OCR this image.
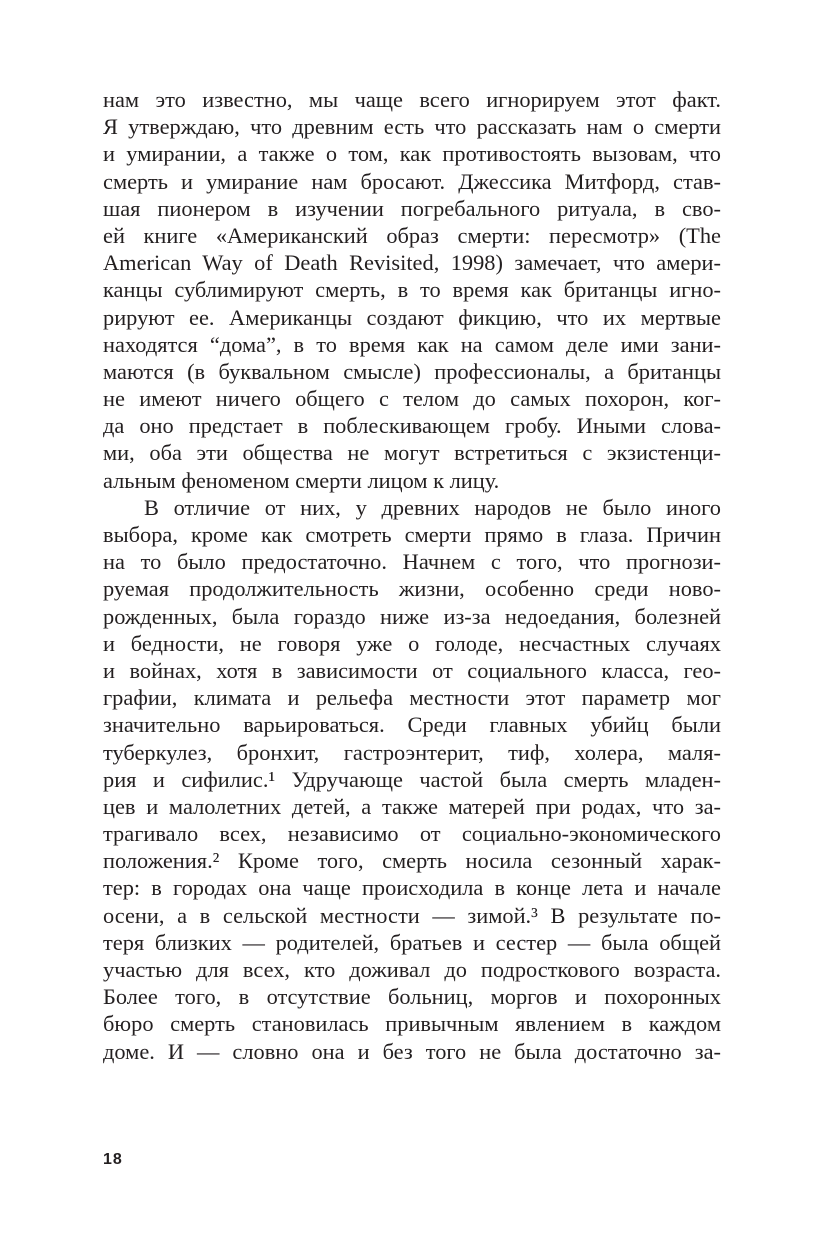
нам это известно, мы чаще всего игнорируем этот факт.
Я утверждаю, что древним есть что рассказать нам о смерти
и умирании, а также о том, как противостоять вызовам, что
смерть и умирание нам бросают. Джессика Митфорд, став-
шая пионером в изучении погребального ритуала, в сво-
ей книге «Американский образ смерти: пересмотр» (The
American Way of Death Revisited, 1998) замечает, что амери-
канцы сублимируют смерть, в то время как британцы игно-
рируют ее. Американцы создают фикцию, что их мертвые
находятся “дома”, в то время как на самом деле ими зани-
маются (в буквальном смысле) профессионалы, а британцы
не имеют ничего общего с телом до самых похорон, ког-
да оно предстает в поблескивающем гробу. Иными слова-
ми, оба эти общества не могут встретиться с экзистенци-
альным феноменом смерти лицом к лицу.
В отличие от них, у древних народов не было иного
выбора, кроме как смотреть смерти прямо в глаза. Причин
на то было предостаточно. Начнем с того, что прогнози-
руемая продолжительность жизни, особенно среди ново-
рожденных, была гораздо ниже из-за недоедания, болезней
и бедности, не говоря уже о голоде, несчастных случаях
и войнах, хотя в зависимости от социального класса, гео-
графии, климата и рельефа местности этот параметр мог
значительно варьироваться. Среди главных убийц были
туберкулез, бронхит, гастроэнтерит, тиф, холера, маля-
рия и сифилис.¹ Удручающе частой была смерть младен-
цев и малолетних детей, а также матерей при родах, что за-
трагивало всех, независимо от социально-экономического
положения.² Кроме того, смерть носила сезонный харак-
тер: в городах она чаще происходила в конце лета и начале
осени, а в сельской местности — зимой.³ В результате по-
теря близких — родителей, братьев и сестер — была общей
участью для всех, кто доживал до подросткового возраста.
Более того, в отсутствие больниц, моргов и похоронных
бюро смерть становилась привычным явлением в каждом
доме. И — словно она и без того не была достаточно за-
18
